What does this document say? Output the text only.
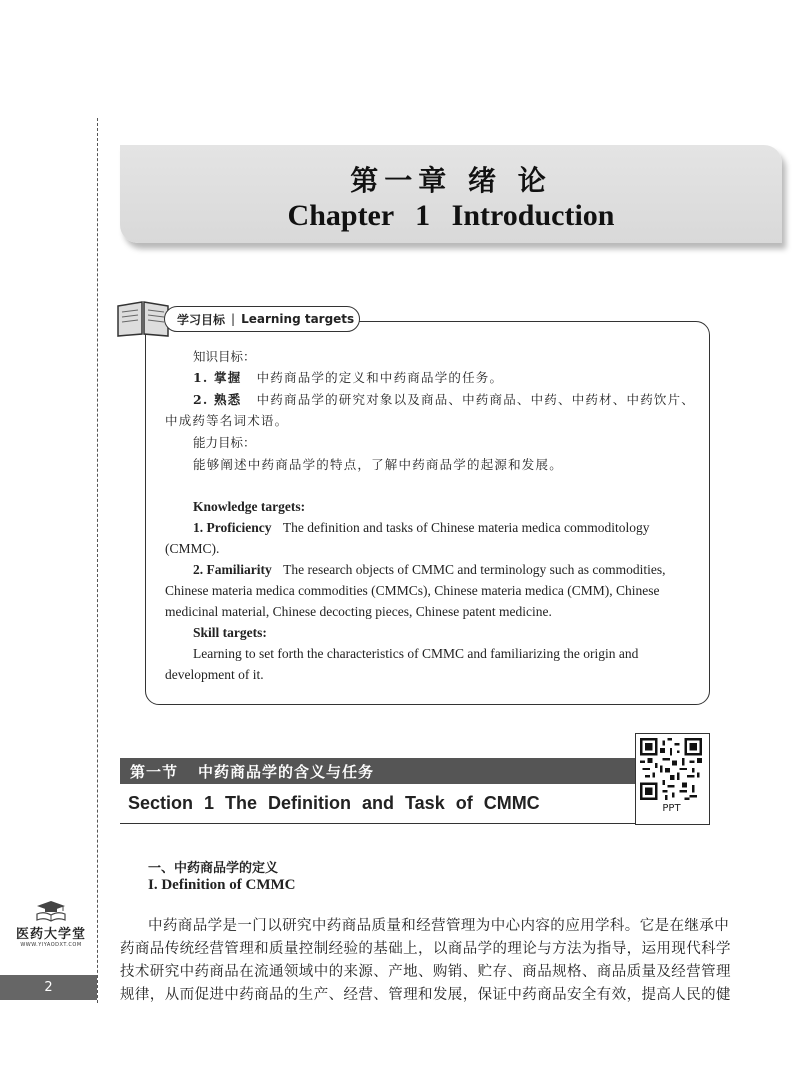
第一章 绪 论
Chapter 1 Introduction
学习目标 | Learning targets
知识目标：
1. 掌握 中药商品学的定义和中药商品学的任务。
2. 熟悉 中药商品学的研究对象以及商品、中药商品、中药、中药材、中药饮片、
中成药等名词术语。
能力目标：
能够阐述中药商品学的特点，了解中药商品学的起源和发展。
Knowledge targets:
1. Proficiency The definition and tasks of Chinese materia medica commoditology
(CMMC).
2. Familiarity The research objects of CMMC and terminology such as commodities,
Chinese materia medica commodities (CMMCs), Chinese materia medica (CMM), Chinese
medicinal material, Chinese decocting pieces, Chinese patent medicine.
Skill targets:
Learning to set forth the characteristics of CMMC and familiarizing the origin and
development of it.
第一节 中药商品学的含义与任务
Section 1 The Definition and Task of CMMC	PPT
一、中药商品学的定义
I. Definition of CMMC
中药商品学是一门以研究中药商品质量和经营管理为中心内容的应用学科。它是在继承中
药商品传统经营管理和质量控制经验的基础上，以商品学的理论与方法为指导，运用现代科学
技术研究中药商品在流通领域中的来源、产地、购销、贮存、商品规格、商品质量及经营管理
规律，从而促进中药商品的生产、经营、管理和发展，保证中药商品安全有效，提高人民的健
医药大学堂
WWW.YIYAODXT.COM
2
